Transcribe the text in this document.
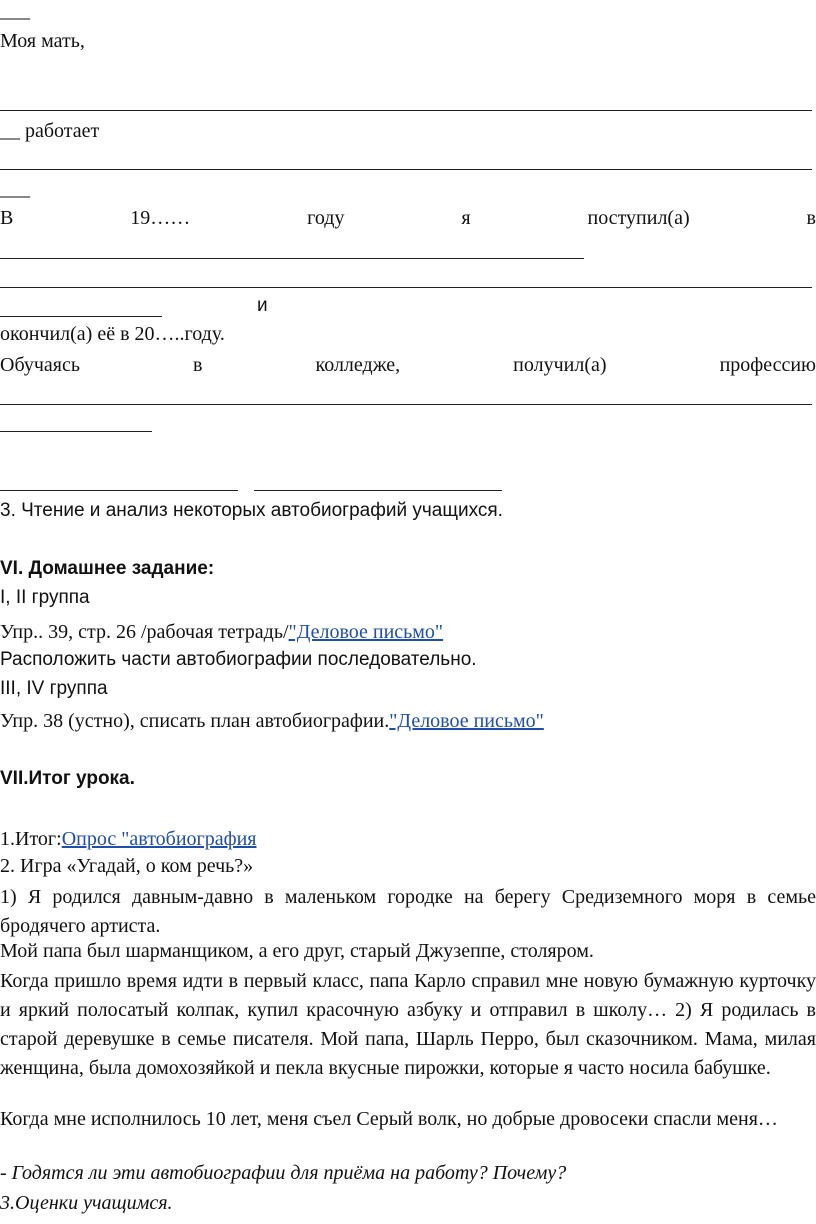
___
Моя мать,
__ работает
___
В	19……	году	я	поступил(а)	в
и
окончил(а) её в 20…..году.
Обучаясь	в	колледже,	получил(а)	профессию
3. Чтение и анализ некоторых автобиографий учащихся.
VI. Домашнее задание:
I, II группа
Упр.. 39, стр. 26 /рабочая тетрадь/"Деловое письмо"
Расположить части автобиографии последовательно.
III, IV группа
Упр. 38 (устно), списать план автобиографии."Деловое письмо"
VII.Итог урока.
1.Итог:Опрос "автобиография
2. Игра «Угадай, о ком речь?»
1) Я родился давным-давно в маленьком городке на берегу Средиземного моря в семье бродячего артиста.
Мой папа был шарманщиком, а его друг, старый Джузеппе, столяром.
Когда пришло время идти в первый класс, папа Карло справил мне новую бумажную курточку и яркий полосатый колпак, купил красочную азбуку и отправил в школу… 2) Я родилась в старой деревушке в семье писателя. Мой папа, Шарль Перро, был сказочником. Мама, милая женщина, была домохозяйкой и пекла вкусные пирожки, которые я часто носила бабушке.
Когда мне исполнилось 10 лет, меня съел Серый волк, но добрые дровосеки спасли меня…
- Годятся ли эти автобиографии для приёма на работу? Почему?
3.Оценки учащимся.
